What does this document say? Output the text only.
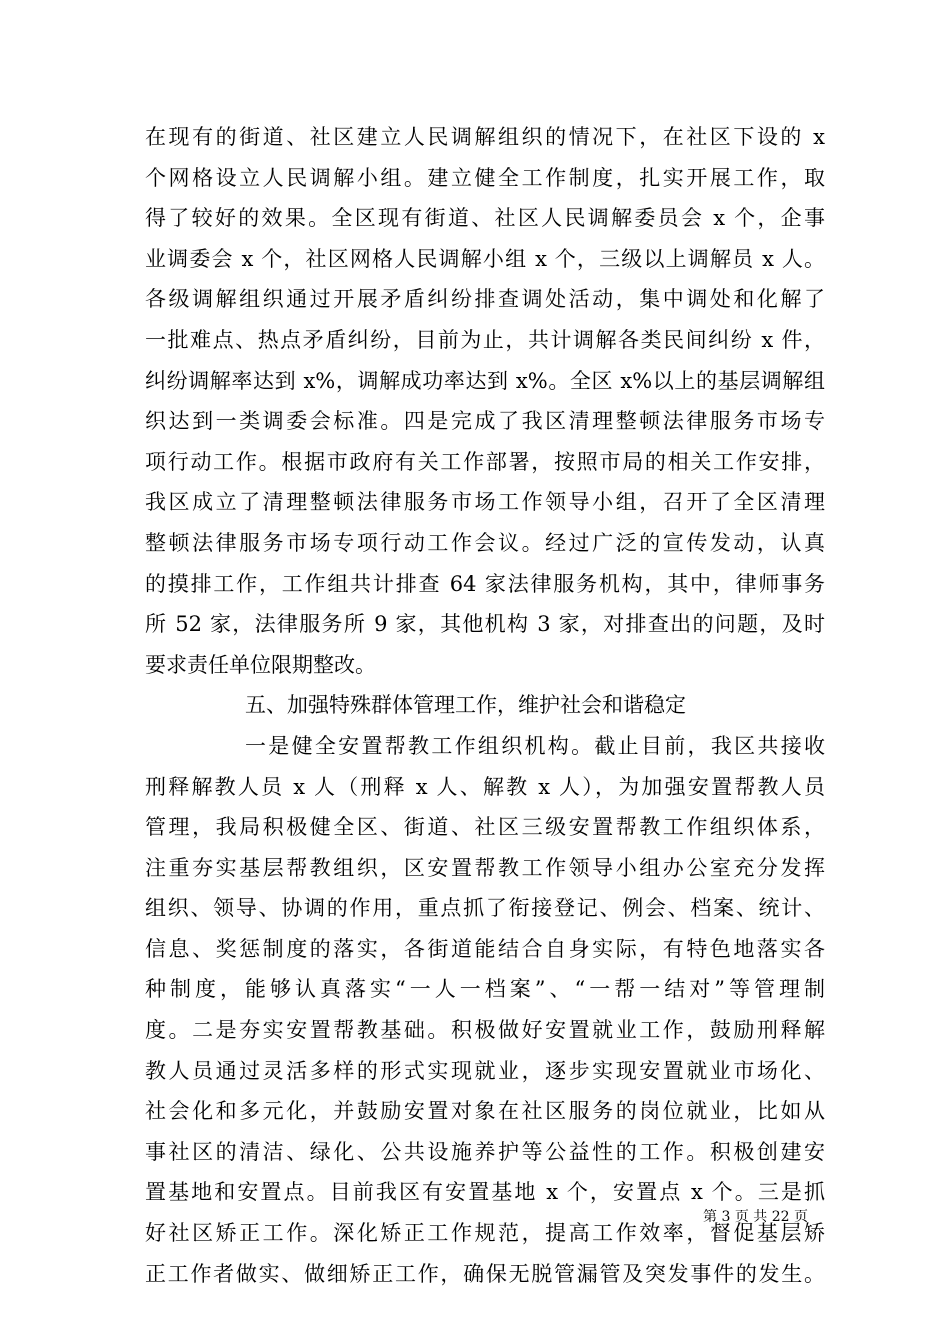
在现有的街道、社区建立人民调解组织的情况下，在社区下设的 x
个网格设立人民调解小组。建立健全工作制度，扎实开展工作，取
得了较好的效果。全区现有街道、社区人民调解委员会 x 个，企事
业调委会 x 个，社区网格人民调解小组 x 个，三级以上调解员 x 人。
各级调解组织通过开展矛盾纠纷排查调处活动，集中调处和化解了
一批难点、热点矛盾纠纷，目前为止，共计调解各类民间纠纷 x 件，
纠纷调解率达到 x%，调解成功率达到 x%。全区 x%以上的基层调解组
织达到一类调委会标准。四是完成了我区清理整顿法律服务市场专
项行动工作。根据市政府有关工作部署，按照市局的相关工作安排，
我区成立了清理整顿法律服务市场工作领导小组，召开了全区清理
整顿法律服务市场专项行动工作会议。经过广泛的宣传发动，认真
的摸排工作，工作组共计排查 64 家法律服务机构，其中，律师事务
所 52 家，法律服务所 9 家，其他机构 3 家，对排查出的问题，及时
要求责任单位限期整改。
五、加强特殊群体管理工作，维护社会和谐稳定
一是健全安置帮教工作组织机构。截止目前，我区共接收
刑释解教人员 x 人（刑释 x 人、解教 x 人），为加强安置帮教人员
管理，我局积极健全区、街道、社区三级安置帮教工作组织体系，
注重夯实基层帮教组织，区安置帮教工作领导小组办公室充分发挥
组织、领导、协调的作用，重点抓了衔接登记、例会、档案、统计、
信息、奖惩制度的落实，各街道能结合自身实际，有特色地落实各
种制度，能够认真落实“一人一档案”、“一帮一结对”等管理制
度。二是夯实安置帮教基础。积极做好安置就业工作，鼓励刑释解
教人员通过灵活多样的形式实现就业，逐步实现安置就业市场化、
社会化和多元化，并鼓励安置对象在社区服务的岗位就业，比如从
事社区的清洁、绿化、公共设施养护等公益性的工作。积极创建安
置基地和安置点。目前我区有安置基地 x 个，安置点 x 个。三是抓
好社区矫正工作。深化矫正工作规范，提高工作效率，督促基层矫
正工作者做实、做细矫正工作，确保无脱管漏管及突发事件的发生。
第 3 页 共 22 页
